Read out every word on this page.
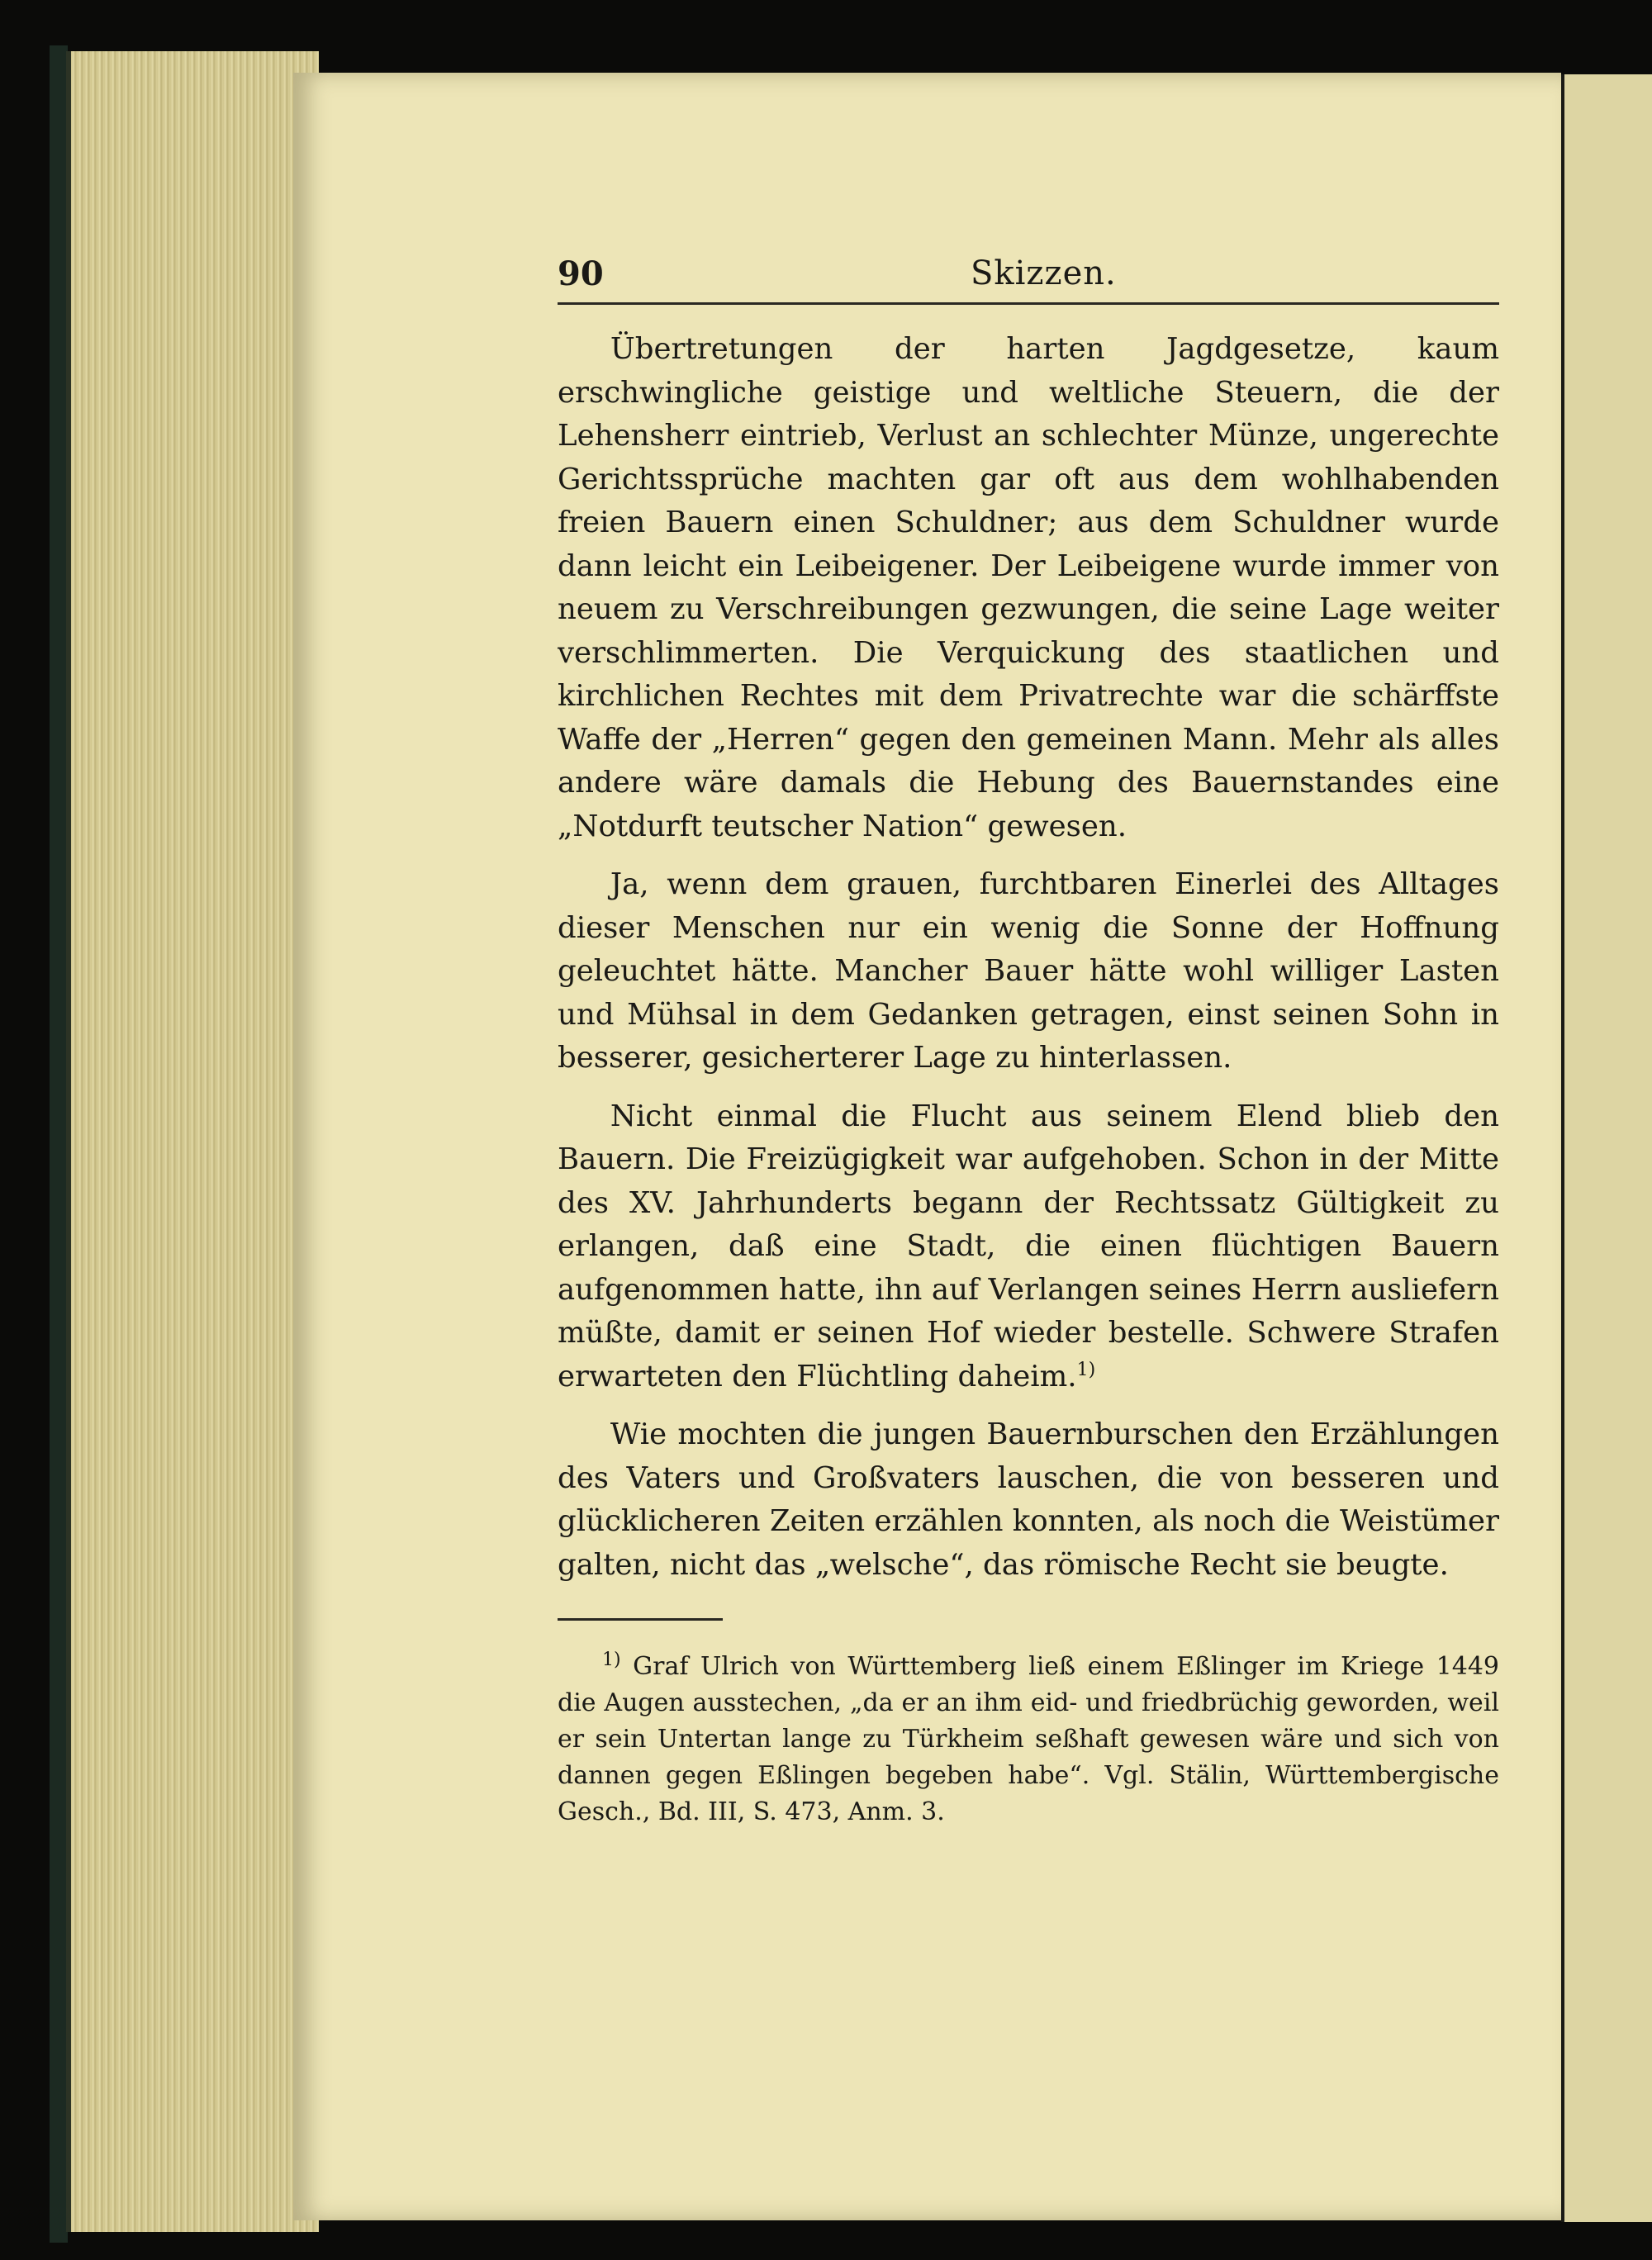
90	Skizzen.

Übertretungen der harten Jagdgesetze, kaum erschwingliche geistige und weltliche Steuern, die der Lehensherr eintrieb, Verlust an schlechter Münze, ungerechte Gerichtssprüche machten gar oft aus dem wohlhabenden freien Bauern einen Schuldner; aus dem Schuldner wurde dann leicht ein Leibeigener. Der Leibeigene wurde immer von neuem zu Verschreibungen gezwungen, die seine Lage weiter verschlimmerten. Die Verquickung des staatlichen und kirchlichen Rechtes mit dem Privatrechte war die schärffste Waffe der „Herren“ gegen den gemeinen Mann. Mehr als alles andere wäre damals die Hebung des Bauernstandes eine „Notdurft teutscher Nation“ gewesen.

Ja, wenn dem grauen, furchtbaren Einerlei des Alltages dieser Menschen nur ein wenig die Sonne der Hoffnung geleuchtet hätte. Mancher Bauer hätte wohl williger Lasten und Mühsal in dem Gedanken getragen, einst seinen Sohn in besserer, gesicherterer Lage zu hinterlassen.

Nicht einmal die Flucht aus seinem Elend blieb den Bauern. Die Freizügigkeit war aufgehoben. Schon in der Mitte des XV. Jahrhunderts begann der Rechtssatz Gültigkeit zu erlangen, daß eine Stadt, die einen flüchtigen Bauern aufgenommen hatte, ihn auf Verlangen seines Herrn ausliefern müßte, damit er seinen Hof wieder bestelle. Schwere Strafen erwarteten den Flüchtling daheim.$^{1)}$

Wie mochten die jungen Bauernburschen den Erzählungen des Vaters und Großvaters lauschen, die von besseren und glücklicheren Zeiten erzählen konnten, als noch die Weistümer galten, nicht das „welsche“, das römische Recht sie beugte.

$^{1)}$ Graf Ulrich von Württemberg ließ einem Eßlinger im Kriege 1449 die Augen ausstechen, „da er an ihm eid- und friedbrüchig geworden, weil er sein Untertan lange zu Türkheim seßhaft gewesen wäre und sich von dannen gegen Eßlingen begeben habe“. Vgl. Stälin, Württembergische Gesch., Bd. III, S. 473, Anm. 3.
